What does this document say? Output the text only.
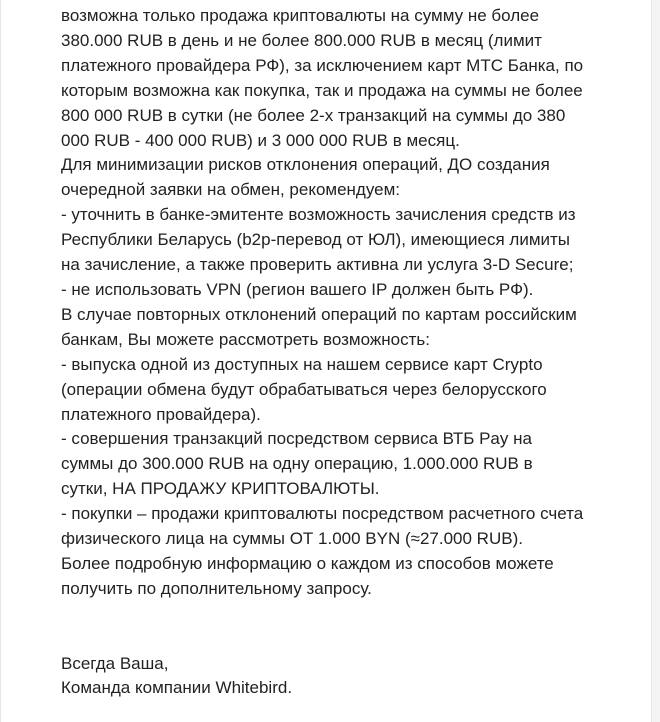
возможна только продажа криптовалюты на сумму не более
380.000 RUB в день и не более 800.000 RUB в месяц (лимит
платежного провайдера РФ), за исключением карт МТС Банка, по
которым возможна как покупка, так и продажа на суммы не более
800 000 RUB в сутки (не более 2-х транзакций на суммы до 380
000 RUB - 400 000 RUB) и 3 000 000 RUB в месяц.
Для минимизации рисков отклонения операций, ДО создания
очередной заявки на обмен, рекомендуем:
- уточнить в банке-эмитенте возможность зачисления средств из
Республики Беларусь (b2p-перевод от ЮЛ), имеющиеся лимиты
на зачисление, а также проверить активна ли услуга 3-D Secure;
- не использовать VPN (регион вашего IP должен быть РФ).
В случае повторных отклонений операций по картам российским
банкам, Вы можете рассмотреть возможность:
- выпуска одной из доступных на нашем сервисе карт Crypto
(операции обмена будут обрабатываться через белорусского
платежного провайдера).
- совершения транзакций посредством сервиса ВТБ Pay на
суммы до 300.000 RUB на одну операцию, 1.000.000 RUB в
сутки, НА ПРОДАЖУ КРИПТОВАЛЮТЫ.
- покупки – продажи криптовалюты посредством расчетного счета
физического лица на суммы ОТ 1.000 BYN (≈27.000 RUB).
Более подробную информацию о каждом из способов можете
получить по дополнительному запросу.
Всегда Ваша,
Команда компании Whitebird.
